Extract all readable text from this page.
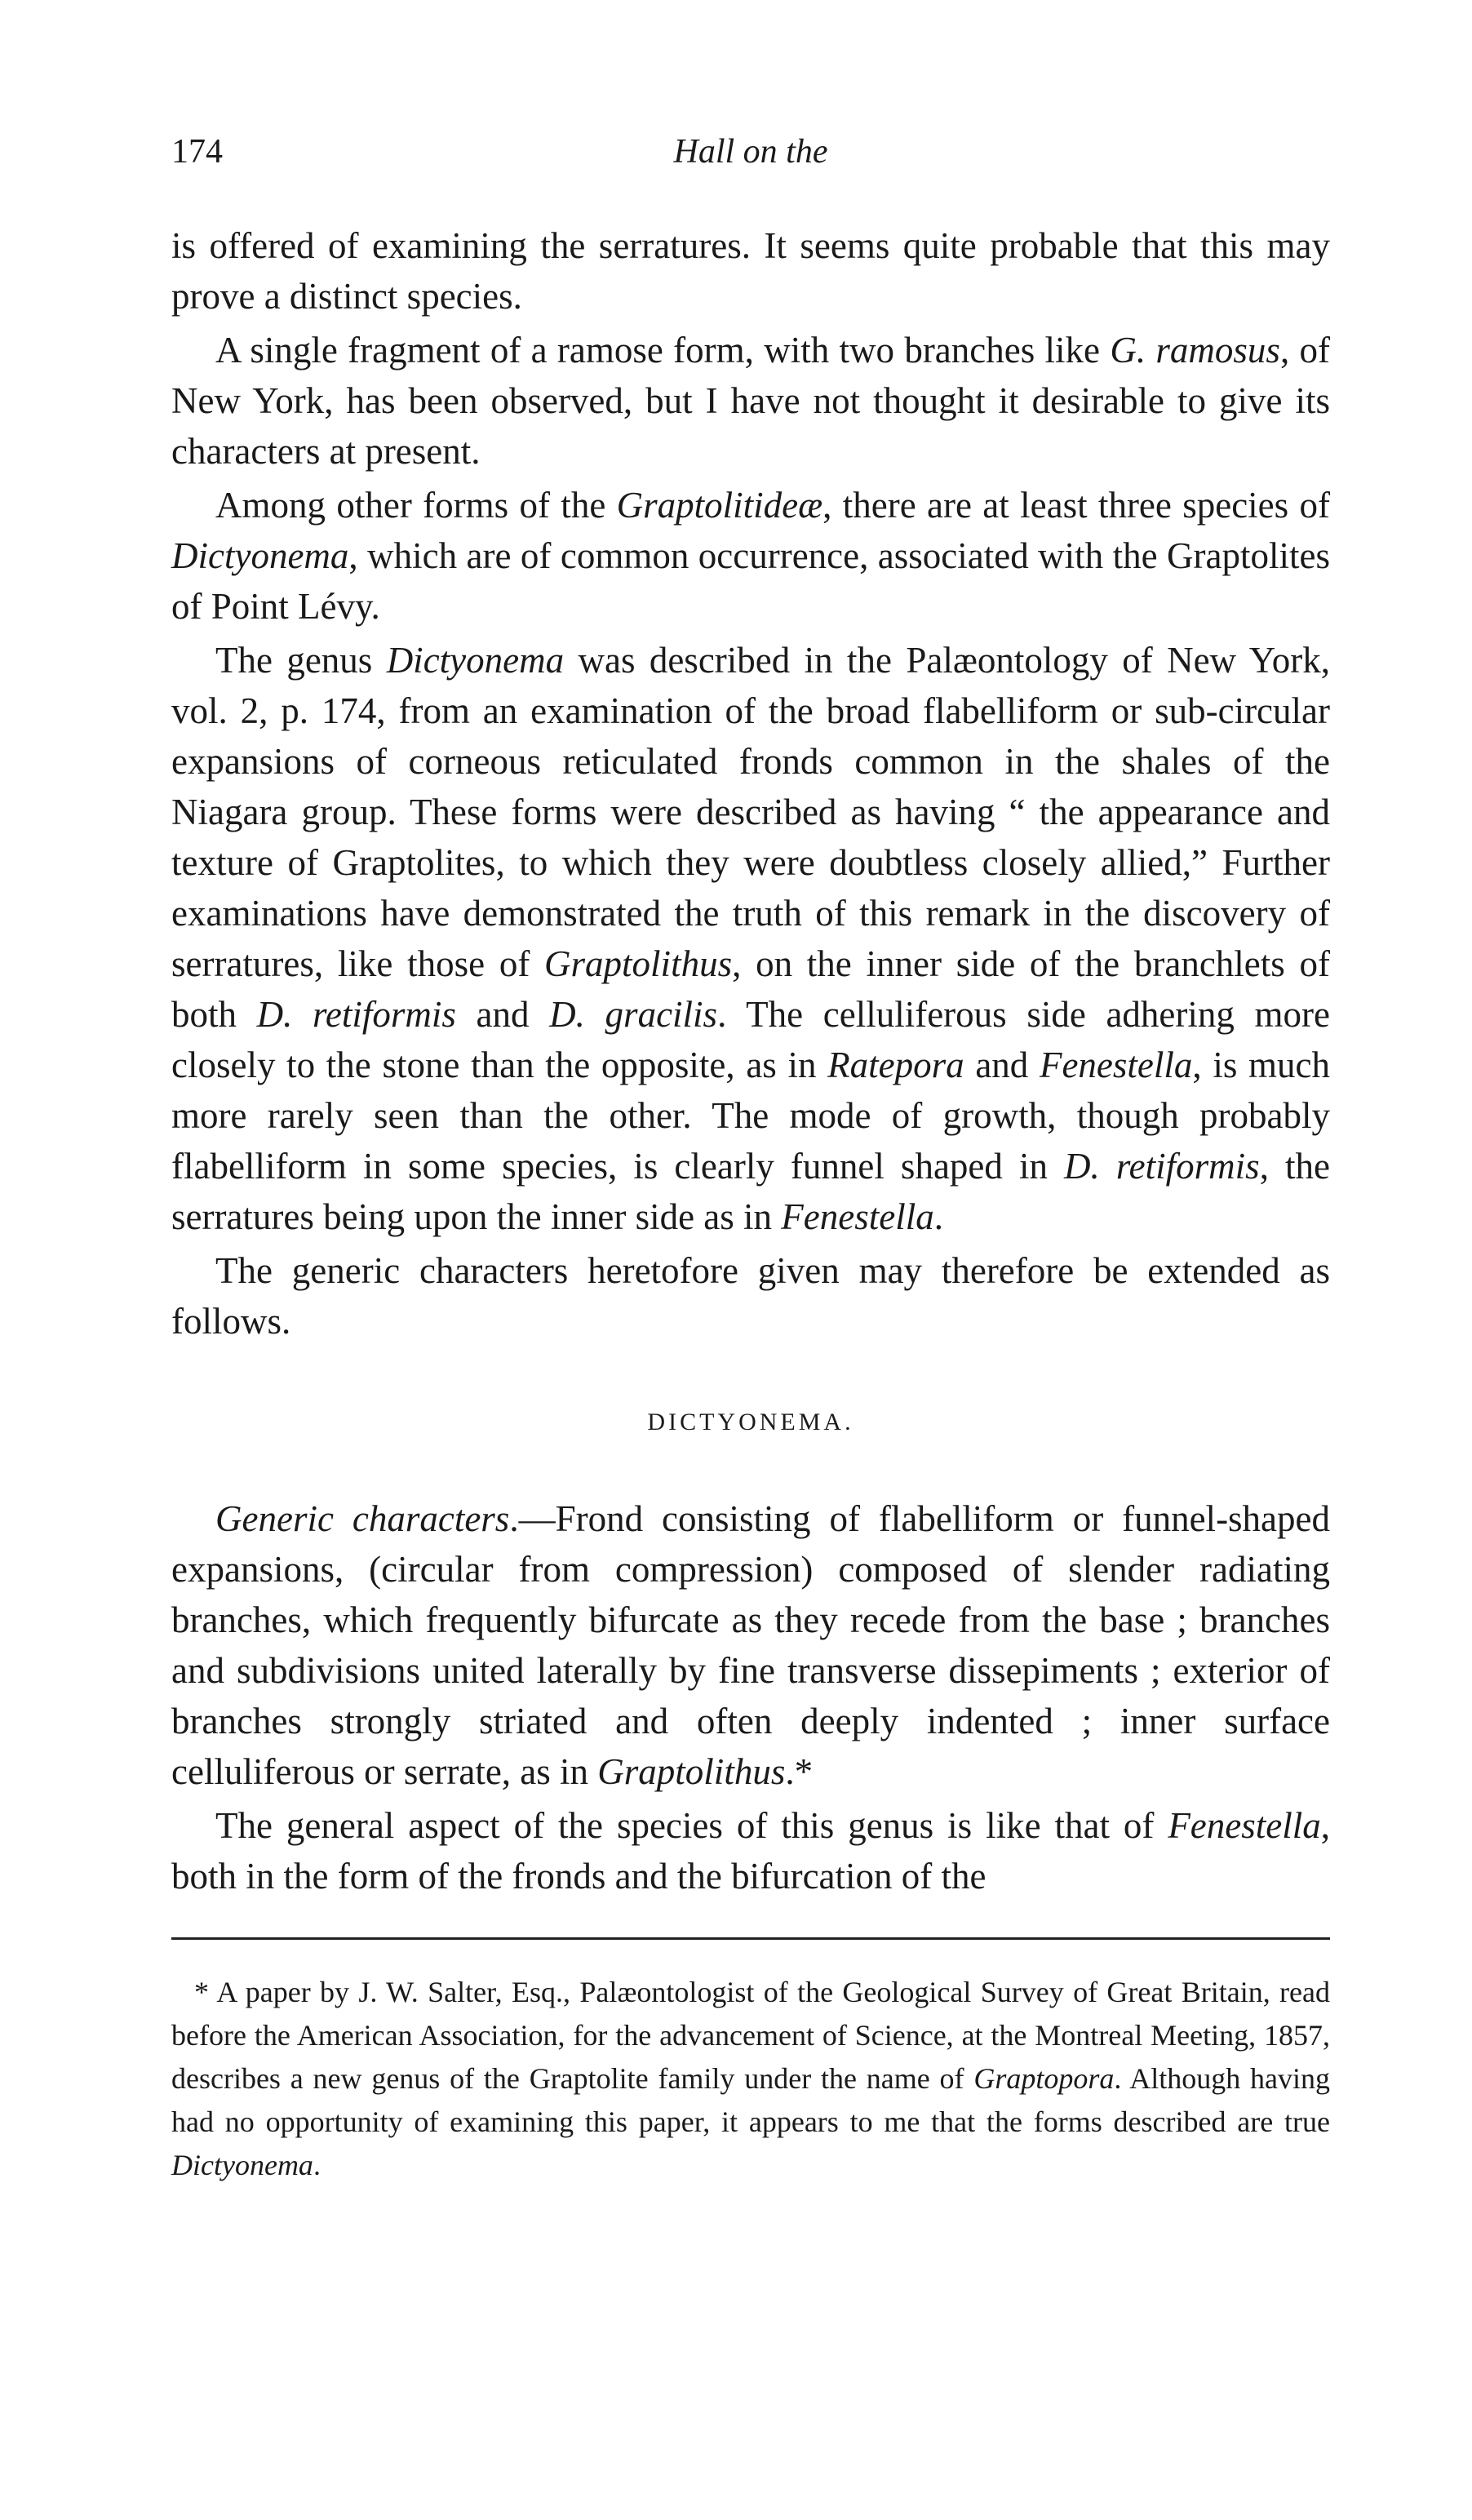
174	Hall on the

is offered of examining the serratures. It seems quite probable that this may prove a distinct species.

A single fragment of a ramose form, with two branches like G. ramosus, of New York, has been observed, but I have not thought it desirable to give its characters at present.

Among other forms of the Graptolitideæ, there are at least three species of Dictyonema, which are of common occurrence, associated with the Graptolites of Point Lévy.

The genus Dictyonema was described in the Palæontology of New York, vol. 2, p. 174, from an examination of the broad flabelliform or sub-circular expansions of corneous reticulated fronds common in the shales of the Niagara group. These forms were described as having “ the appearance and texture of Graptolites, to which they were doubtless closely allied,” Further examinations have demonstrated the truth of this remark in the discovery of serratures, like those of Graptolithus, on the inner side of the branchlets of both D. retiformis and D. gracilis. The celluliferous side adhering more closely to the stone than the opposite, as in Ratepora and Fenestella, is much more rarely seen than the other. The mode of growth, though probably flabelliform in some species, is clearly funnel shaped in D. retiformis, the serratures being upon the inner side as in Fenestella.

The generic characters heretofore given may therefore be extended as follows.

DICTYONEMA.

Generic characters.—Frond consisting of flabelliform or funnel-shaped expansions, (circular from compression) composed of slender radiating branches, which frequently bifurcate as they recede from the base ; branches and subdivisions united laterally by fine transverse dissepiments ; exterior of branches strongly striated and often deeply indented ; inner surface celluliferous or serrate, as in Graptolithus.*

The general aspect of the species of this genus is like that of Fenestella, both in the form of the fronds and the bifurcation of the

* A paper by J. W. Salter, Esq., Palæontologist of the Geological Survey of Great Britain, read before the American Association, for the advancement of Science, at the Montreal Meeting, 1857, describes a new genus of the Graptolite family under the name of Graptopora. Although having had no opportunity of examining this paper, it appears to me that the forms described are true Dictyonema.
